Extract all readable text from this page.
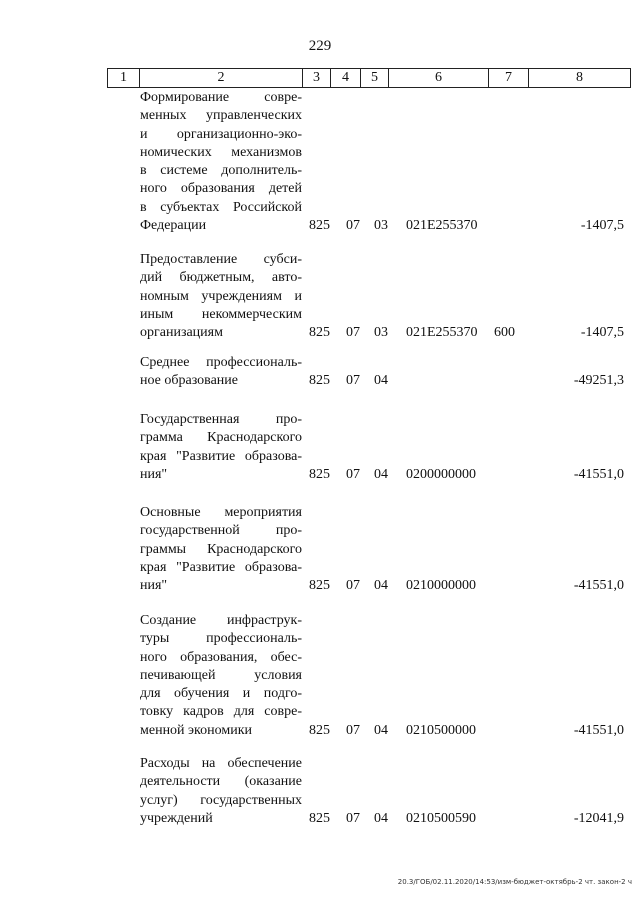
229
1	2	3	4	5	6	7	8
Формирование совре-
менных управленческих
и организационно-эко-
номических механизмов
в системе дополнитель-
ного образования детей
в субъектах Российской
Федерации	825 07 03 021Е255370	-1407,5
Предоставление субси-
дий бюджетным, авто-
номным учреждениям и
иным некоммерческим
организациям	825 07 03 021Е255370 600	-1407,5
Среднее профессиональ-
ное образование	825 07 04	-49251,3
Государственная про-
грамма Краснодарского
края "Развитие образова-
ния"	825 07 04 0200000000	-41551,0
Основные мероприятия
государственной про-
граммы Краснодарского
края "Развитие образова-
ния"	825 07 04 0210000000	-41551,0
Создание инфраструк-
туры профессиональ-
ного образования, обес-
печивающей условия
для обучения и подго-
товку кадров для совре-
менной экономики	825 07 04 0210500000	-41551,0
Расходы на обеспечение
деятельности (оказание
услуг) государственных
учреждений	825 07 04 0210500590	-12041,9
20.3/ГОБ/02.11.2020/14:53/изм-бюджет-октябрь-2 чт. закон-2 ч
